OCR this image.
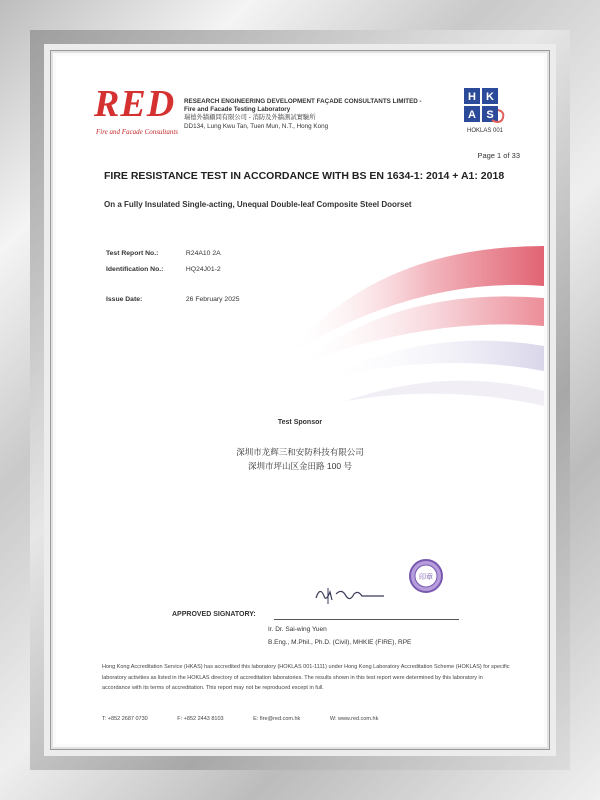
RED
Fire and Facade Consultants
RESEARCH ENGINEERING DEVELOPMENT FAÇADE CONSULTANTS LIMITED -
Fire and Facade Testing Laboratory
瑞德外牆顧問有限公司 - 消防及外牆測試實驗所
DD134, Lung Kwu Tan, Tuen Mun, N.T., Hong Kong
H K
A S
HOKLAS 001
Page 1 of 33
FIRE RESISTANCE TEST IN ACCORDANCE WITH BS EN 1634-1: 2014 + A1: 2018
On a Fully Insulated Single-acting, Unequal Double-leaf Composite Steel Doorset
Test Report No.:	R24A10 2A
Identification No.:	HQ24J01-2
Issue Date:	26 February 2025
Test Sponsor
深圳市龙辉三和安防科技有限公司
深圳市坪山区金田路 100 号
印章
APPROVED SIGNATORY:
Ir. Dr. Sai-wing Yuen
B.Eng., M.Phil., Ph.D. (Civil), MHKIE (FIRE), RPE
Hong Kong Accreditation Service (HKAS) has accredited this laboratory (HOKLAS 001-1111) under Hong Kong Laboratory Accreditation Scheme (HOKLAS) for specific laboratory activities as listed in the HOKLAS directory of accreditation laboratories. The results shown in this test report were determined by this laboratory in accordance with its terms of accreditation. This report may not be reproduced except in full.
T: +852 2687 0730	F: +852 2443 8103	E: fire@red.com.hk	W: www.red.com.hk
